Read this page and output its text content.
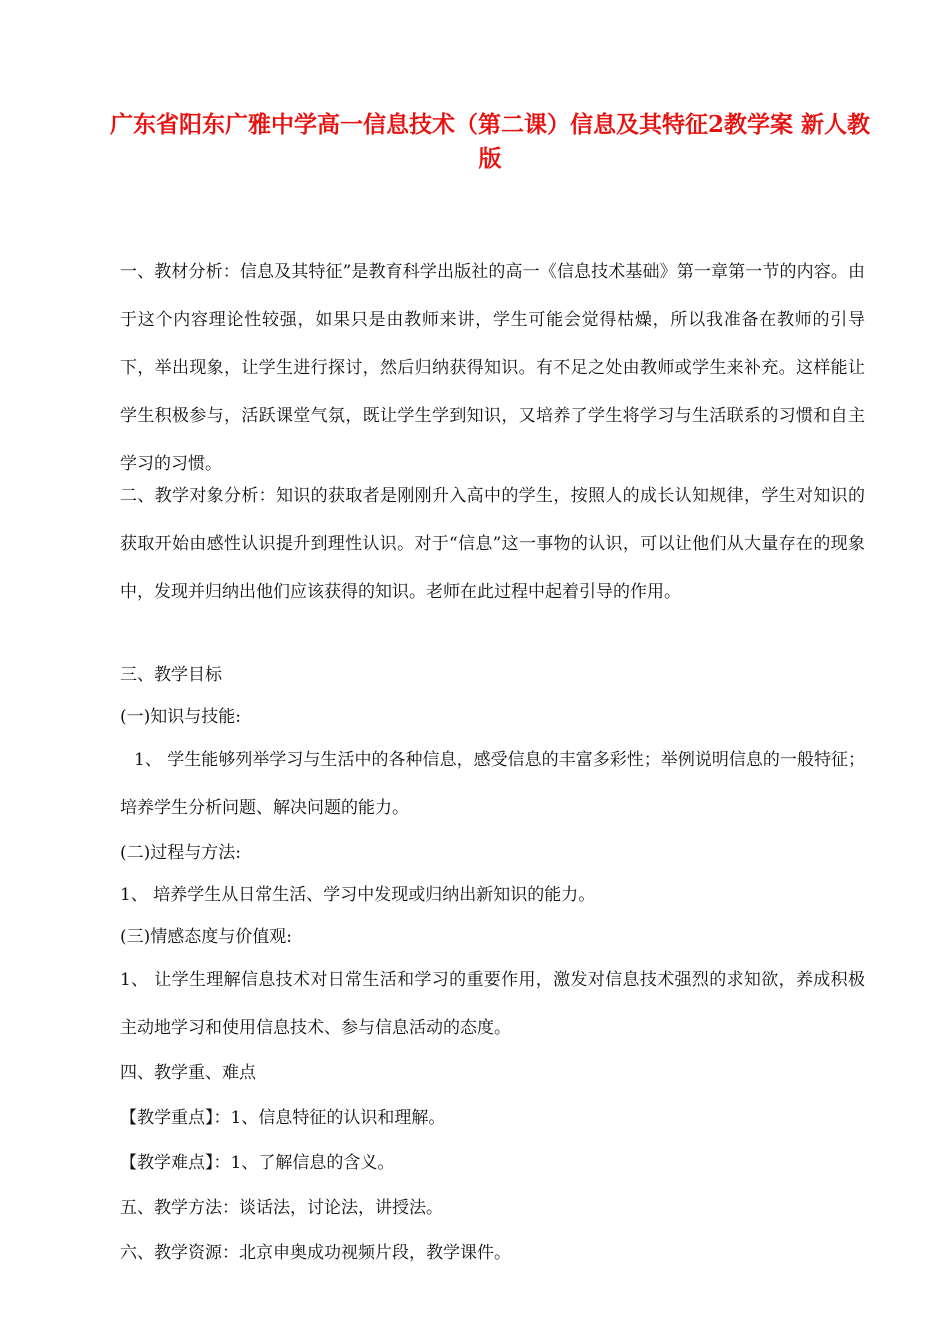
广东省阳东广雅中学高一信息技术（第二课）信息及其特征2教学案 新人教版

一、教材分析：信息及其特征”是教育科学出版社的高一《信息技术基础》第一章第一节的内容。由于这个内容理论性较强，如果只是由教师来讲，学生可能会觉得枯燥，所以我准备在教师的引导下，举出现象，让学生进行探讨，然后归纳获得知识。有不足之处由教师或学生来补充。这样能让学生积极参与，活跃课堂气氛，既让学生学到知识，又培养了学生将学习与生活联系的习惯和自主学习的习惯。

二、教学对象分析：知识的获取者是刚刚升入高中的学生，按照人的成长认知规律，学生对知识的获取开始由感性认识提升到理性认识。对于“信息”这一事物的认识，可以让他们从大量存在的现象中，发现并归纳出他们应该获得的知识。老师在此过程中起着引导的作用。

三、教学目标

(一)知识与技能:

1、 学生能够列举学习与生活中的各种信息，感受信息的丰富多彩性；举例说明信息的一般特征；培养学生分析问题、解决问题的能力。

(二)过程与方法:

1、 培养学生从日常生活、学习中发现或归纳出新知识的能力。

(三)情感态度与价值观:

1、 让学生理解信息技术对日常生活和学习的重要作用，激发对信息技术强烈的求知欲，养成积极主动地学习和使用信息技术、参与信息活动的态度。

四、教学重、难点

【教学重点】：1、信息特征的认识和理解。

【教学难点】：1、了解信息的含义。

五、教学方法：谈话法，讨论法，讲授法。

六、教学资源：北京申奥成功视频片段，教学课件。
